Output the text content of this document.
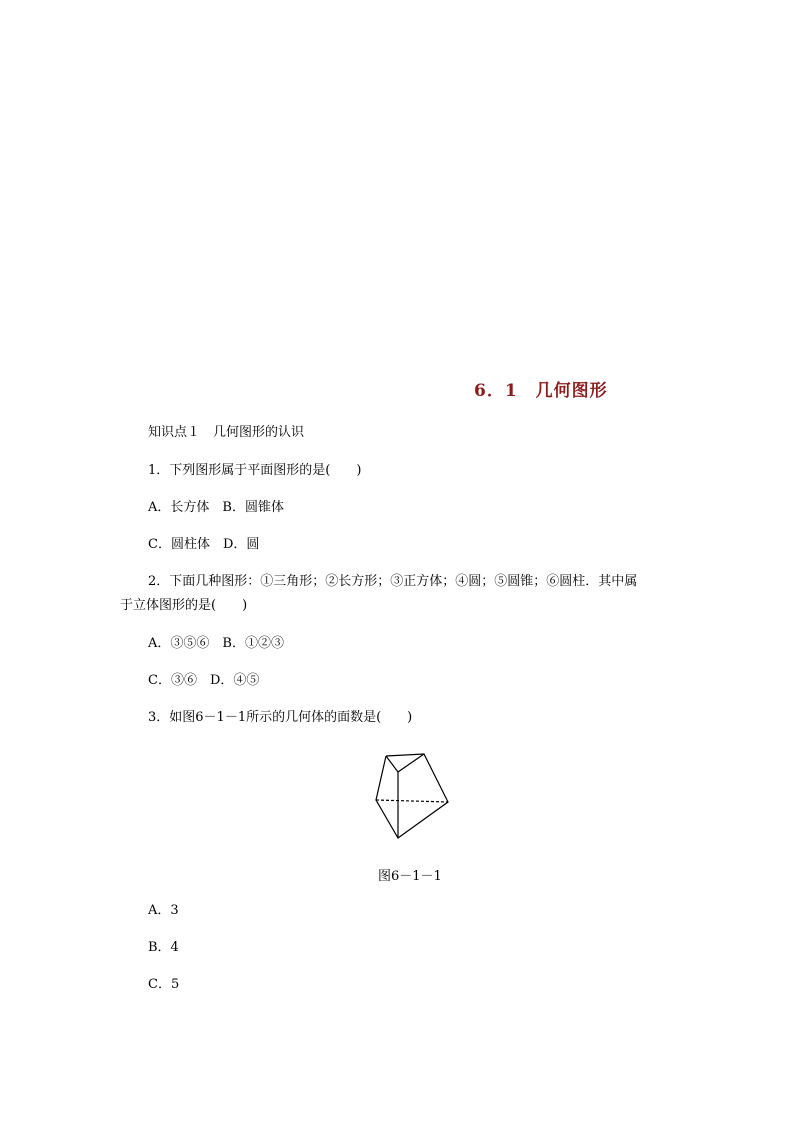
6．1 几何图形
知识点１　几何图形的认识
1．下列图形属于平面图形的是(　　)
A．长方体　B．圆锥体
C．圆柱体　D．圆
2．下面几种图形：①三角形；②长方形；③正方体；④圆；⑤圆锥；⑥圆柱．其中属
于立体图形的是(　　)
A．③⑤⑥　B．①②③
C．③⑥　D．④⑤
3．如图6－1－1所示的几何体的面数是(　　)
图6－1－1
A．3
B．4
C．5
